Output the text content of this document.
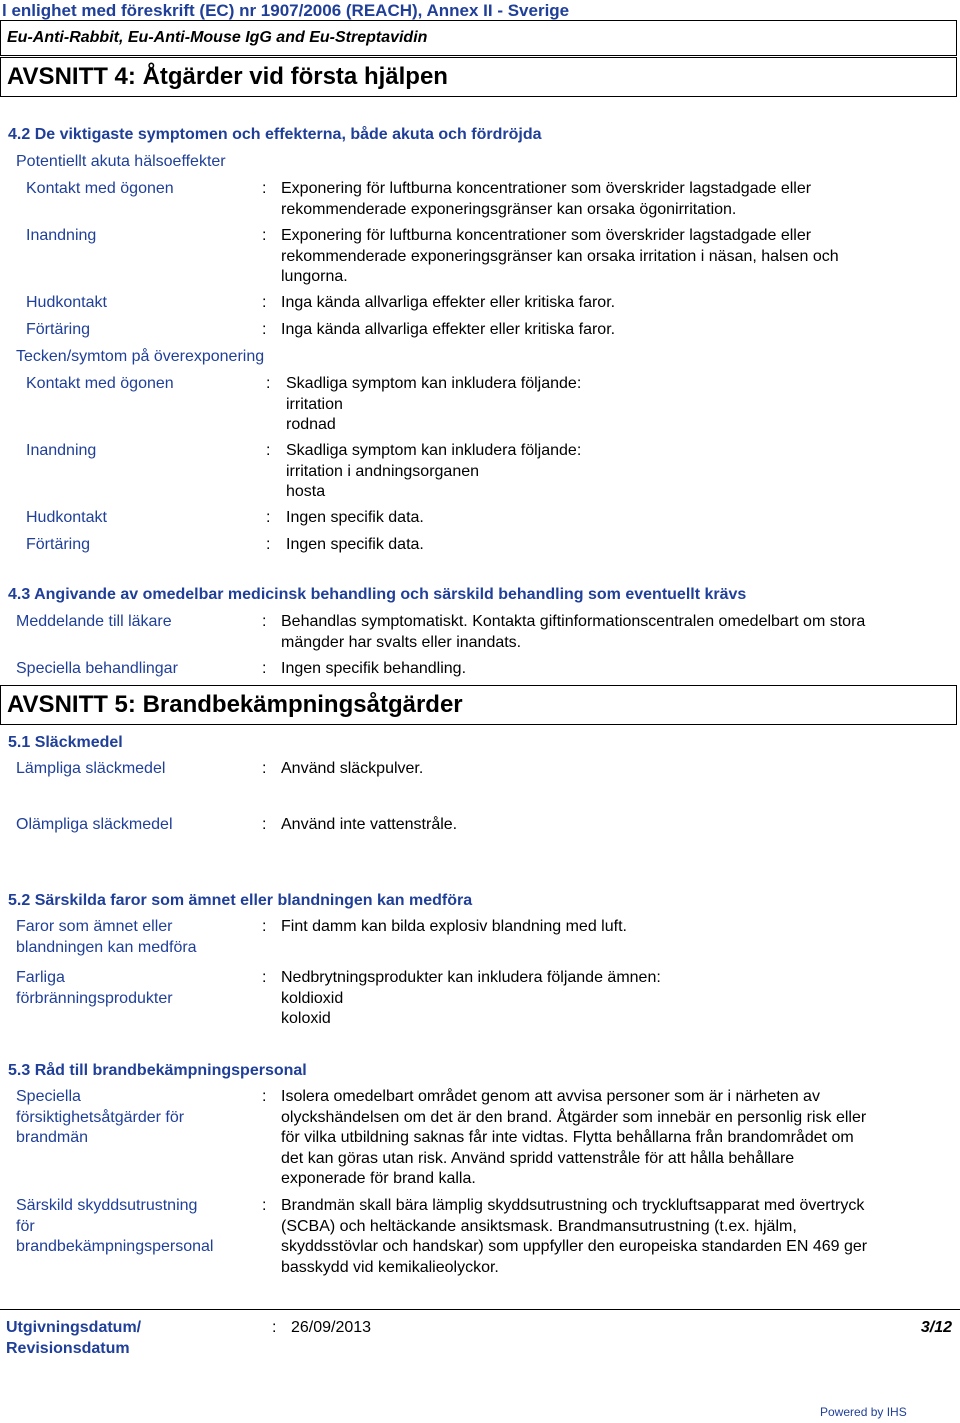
l enlighet med föreskrift (EC) nr 1907/2006 (REACH), Annex II - Sverige
Eu-Anti-Rabbit, Eu-Anti-Mouse IgG and Eu-Streptavidin
AVSNITT 4: Åtgärder vid första hjälpen
4.2 De viktigaste symptomen och effekterna, både akuta och fördröjda
Potentiellt akuta hälsoeffekter
Kontakt med ögonen	: Exponering för luftburna koncentrationer som överskrider lagstadgade eller
rekommenderade exponeringsgränser kan orsaka ögonirritation.
Inandning	: Exponering för luftburna koncentrationer som överskrider lagstadgade eller
rekommenderade exponeringsgränser kan orsaka irritation i näsan, halsen och
lungorna.
Hudkontakt	: Inga kända allvarliga effekter eller kritiska faror.
Förtäring	: Inga kända allvarliga effekter eller kritiska faror.
Tecken/symtom på överexponering
Kontakt med ögonen	: Skadliga symptom kan inkludera följande:
irritation
rodnad
Inandning	: Skadliga symptom kan inkludera följande:
irritation i andningsorganen
hosta
Hudkontakt	: Ingen specifik data.
Förtäring	: Ingen specifik data.
4.3 Angivande av omedelbar medicinsk behandling och särskild behandling som eventuellt krävs
Meddelande till läkare	: Behandlas symptomatiskt. Kontakta giftinformationscentralen omedelbart om stora
mängder har svalts eller inandats.
Speciella behandlingar	: Ingen specifik behandling.
AVSNITT 5: Brandbekämpningsåtgärder
5.1 Släckmedel
Lämpliga släckmedel	: Använd släckpulver.
Olämpliga släckmedel	: Använd inte vattenstråle.
5.2 Särskilda faror som ämnet eller blandningen kan medföra
Faror som ämnet eller
blandningen kan medföra
: Fint damm kan bilda explosiv blandning med luft.
Farliga
förbränningsprodukter
: Nedbrytningsprodukter kan inkludera följande ämnen:
koldioxid
koloxid
5.3 Råd till brandbekämpningspersonal
Speciella
försiktighetsåtgärder för
brandmän
: Isolera omedelbart området genom att avvisa personer som är i närheten av
olyckshändelsen om det är den brand. Åtgärder som innebär en personlig risk eller
för vilka utbildning saknas får inte vidtas. Flytta behållarna från brandområdet om
det kan göras utan risk. Använd spridd vattenstråle för att hålla behållare
exponerade för brand kalla.
Särskild skyddsutrustning
för
brandbekämpningspersonal
: Brandmän skall bära lämplig skyddsutrustning och tryckluftsapparat med övertryck
(SCBA) och heltäckande ansiktsmask. Brandmansutrustning (t.ex. hjälm,
skyddsstövlar och handskar) som uppfyller den europeiska standarden EN 469 ger
basskydd vid kemikalieolyckor.
Utgivningsdatum/
Revisionsdatum
: 26/09/2013	3/12
Powered by IHS
